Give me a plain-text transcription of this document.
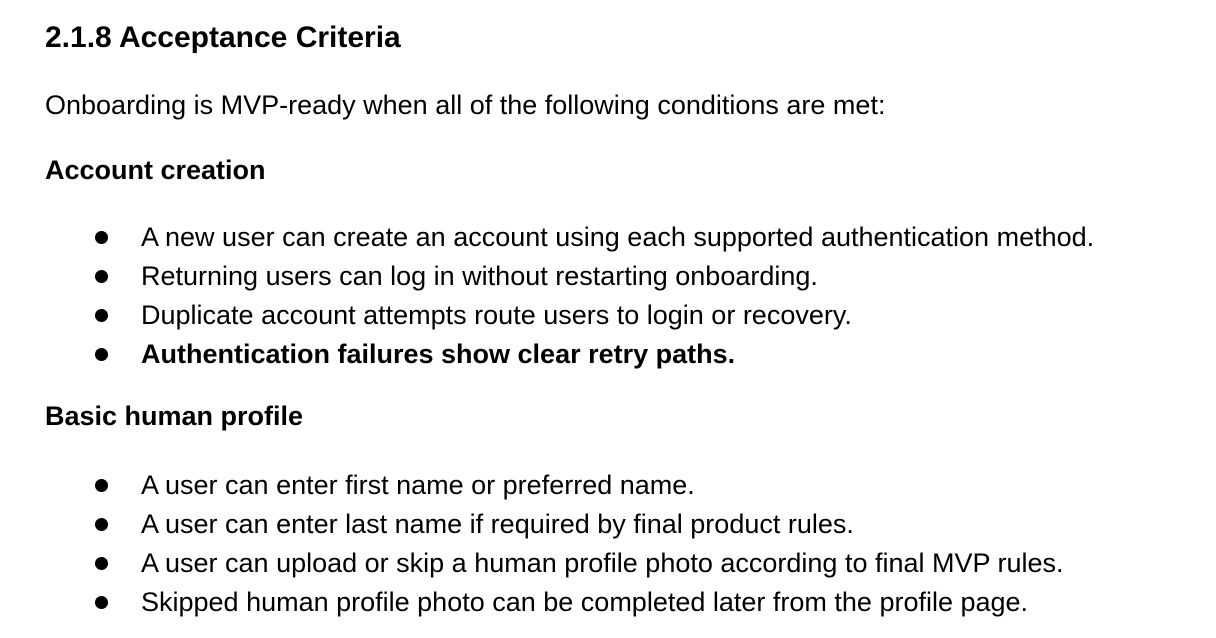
2.1.8 Acceptance Criteria

Onboarding is MVP-ready when all of the following conditions are met:

Account creation
A new user can create an account using each supported authentication method.
Returning users can log in without restarting onboarding.
Duplicate account attempts route users to login or recovery.
Authentication failures show clear retry paths.
Basic human profile
A user can enter first name or preferred name.
A user can enter last name if required by final product rules.
A user can upload or skip a human profile photo according to final MVP rules.
Skipped human profile photo can be completed later from the profile page.
